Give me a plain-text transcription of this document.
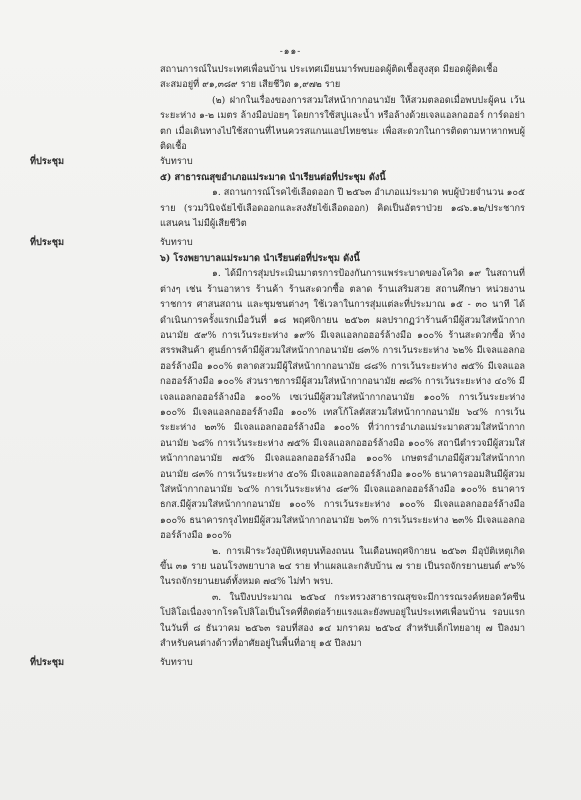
-๑๑-

สถานการณ์ในประเทศเพื่อนบ้าน ประเทศเมียนมาร์พบยอดผู้ติดเชื้อสูงสุด มียอดผู้ติดเชื้อ

สะสมอยู่ที่ ๙๑,๓๘๙ ราย เสียชีวิต ๑,๙๗๒ ราย

(๒) ฝากในเรื่องของการสวมใส่หน้ากากอนามัย ให้สวมตลอดเมื่อพบปะผู้คน เว้นระยะห่าง ๑-๒ เมตร ล้างมือบ่อยๆ โดยการใช้สบู่และน้ำ หรือล้างด้วยเจลแอลกอฮอร์ การ์ดอย่าตก เมื่อเดินทางไปใช้สถานที่ไหนควรสแกนแอปไทยชนะ เพื่อสะดวกในการติดตามหาหากพบผู้ติดเชื้อ

ที่ประชุม	รับทราบ
๕) สาธารณสุขอำเภอแม่ระมาด นำเรียนต่อที่ประชุม ดังนี้

๑. สถานการณ์โรคไข้เลือดออก ปี ๒๕๖๓ อำเภอแม่ระมาด พบผู้ป่วยจำนวน ๑๐๕ ราย (รวมวินิจฉัยไข้เลือดออกและสงสัยไข้เลือดออก) คิดเป็นอัตราป่วย ๑๘๖.๑๒/ประชากรแสนคน ไม่มีผู้เสียชีวิต

ที่ประชุม	รับทราบ
๖) โรงพยาบาลแม่ระมาด นำเรียนต่อที่ประชุม ดังนี้

๑. ได้มีการสุ่มประเมินมาตรการป้องกันการแพร่ระบาดของโควิด ๑๙ ในสถานที่ต่างๆ เช่น ร้านอาหาร ร้านค้า ร้านสะดวกซื้อ ตลาด ร้านเสริมสวย สถานศึกษา หน่วยงานราชการ ศาสนสถาน และชุมชนต่างๆ ใช้เวลาในการสุ่มแต่ละที่ประมาณ ๑๕ - ๓๐ นาที ได้ดำเนินการครั้งแรกเมื่อวันที่ ๑๘ พฤศจิกายน ๒๕๖๓ ผลปรากฏว่าร้านค้ามีผู้สวมใส่หน้ากากอนามัย ๕๙% การเว้นระยะห่าง ๑๙% มีเจลแอลกอฮอร์ล้างมือ ๑๐๐% ร้านสะดวกซื้อ ห้างสรรพสินค้า ศูนย์การค้ามีผู้สวมใส่หน้ากากอนามัย ๘๓% การเว้นระยะห่าง ๖๒% มีเจลแอลกอฮอร์ล้างมือ ๑๐๐% ตลาดสวมมีผู้ใส่หน้ากากอนามัย ๘๘% การเว้นระยะห่าง ๗๕% มีเจลแอลกอฮอร์ล้างมือ ๑๐๐% ส่วนราชการมีผู้สวมใส่หน้ากากอนามัย ๗๘% การเว้นระยะห่าง ๔๐% มีเจลแอลกอฮอร์ล้างมือ ๑๐๐% เซเว่นมีผู้สวมใส่หน้ากากอนามัย ๑๐๐% การเว้นระยะห่าง ๑๐๐% มีเจลแอลกอฮอร์ล้างมือ ๑๐๐% เทสโก้โลตัสสวมใส่หน้ากากอนามัย ๖๔% การเว้นระยะห่าง ๒๓% มีเจลแอลกอฮอร์ล้างมือ ๑๐๐% ที่ว่าการอำเภอแม่ระมาดสวมใส่หน้ากากอนามัย ๖๘% การเว้นระยะห่าง ๗๕% มีเจลแอลกอฮอร์ล้างมือ ๑๐๐% สถานีตำรวจมีผู้สวมใส่หน้ากากอนามัย ๗๕% มีเจลแอลกอฮอร์ล้างมือ ๑๐๐% เกษตรอำเภอมีผู้สวมใส่หน้ากากอนามัย ๘๓% การเว้นระยะห่าง ๕๐% มีเจลแอลกอฮอร์ล้างมือ ๑๐๐% ธนาคารออมสินมีผู้สวมใส่หน้ากากอนามัย ๖๔% การเว้นระยะห่าง ๘๙% มีเจลแอลกอฮอร์ล้างมือ ๑๐๐% ธนาคาร ธกส.มีผู้สวมใส่หน้ากากอนามัย ๑๐๐% การเว้นระยะห่าง ๑๐๐% มีเจลแอลกอฮอร์ล้างมือ ๑๐๐% ธนาคารกรุงไทยมีผู้สวมใส่หน้ากากอนามัย ๖๓% การเว้นระยะห่าง ๒๓% มีเจลแอลกอฮอร์ล้างมือ ๑๐๐%

๒. การเฝ้าระวังอุบัติเหตุบนท้องถนน ในเดือนพฤศจิกายน ๒๕๖๓ มีอุบัติเหตุเกิดขึ้น ๓๑ ราย นอนโรงพยาบาล ๒๔ ราย ทำแผลและกลับบ้าน ๗ ราย เป็นรถจักรยานยนต์ ๙๖% ในรถจักรยานยนต์ทั้งหมด ๗๔% ไม่ทำ พรบ.

๓. ในปีงบประมาณ ๒๕๖๔ กระทรวงสาธารณสุขจะมีการรณรงค์หยอดวัคซีนโปลิโอเนื่องจากโรคโปลิโอเป็นโรคที่ติดต่อร้ายแรงและยังพบอยู่ในประเทศเพื่อนบ้าน รอบแรกในวันที่ ๘ ธันวาคม ๒๕๖๓ รอบที่สอง ๑๔ มกราคม ๒๕๖๔ สำหรับเด็กไทยอายุ ๗ ปีลงมา สำหรับคนต่างด้าวที่อาศัยอยู่ในพื้นที่อายุ ๑๕ ปีลงมา

ที่ประชุม	รับทราบ
